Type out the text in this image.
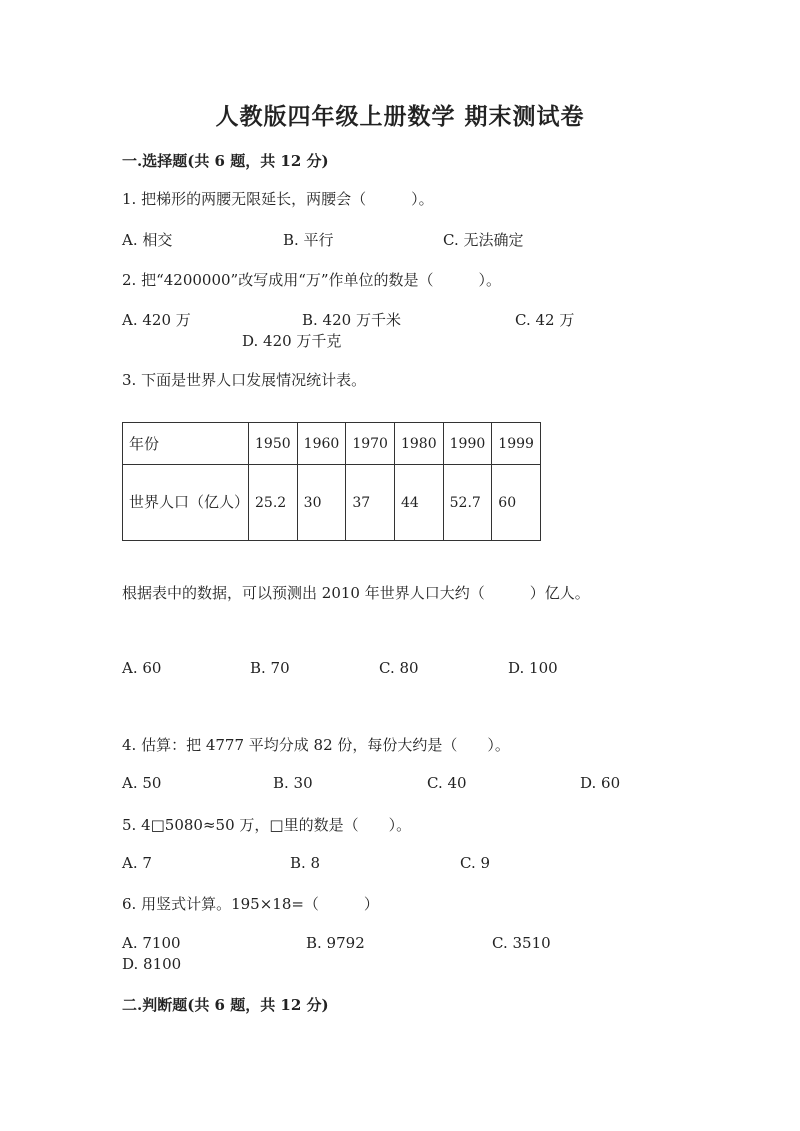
人教版四年级上册数学 期末测试卷
一.选择题(共 6 题，共 12 分)
1. 把梯形的两腰无限延长，两腰会（　　　）。
A. 相交	B. 平行	C. 无法确定
2. 把“4200000”改写成用“万”作单位的数是（　　　）。
A. 420 万	B. 420 万千米	C. 42 万
D. 420 万千克
3. 下面是世界人口发展情况统计表。
年份	1950	1960	1970	1980	1990	1999
世界人口（亿人）	25.2	30	37	44	52.7	60
根据表中的数据，可以预测出 2010 年世界人口大约（　　　）亿人。
A. 60	B. 70	C. 80	D. 100
4. 估算：把 4777 平均分成 82 份，每份大约是（　　）。
A. 50	B. 30	C. 40	D. 60
5. 4□5080≈50 万，□里的数是（　　）。
A. 7	B. 8	C. 9
6. 用竖式计算。195×18=（　　　）
A. 7100	B. 9792	C. 3510
D. 8100
二.判断题(共 6 题，共 12 分)
